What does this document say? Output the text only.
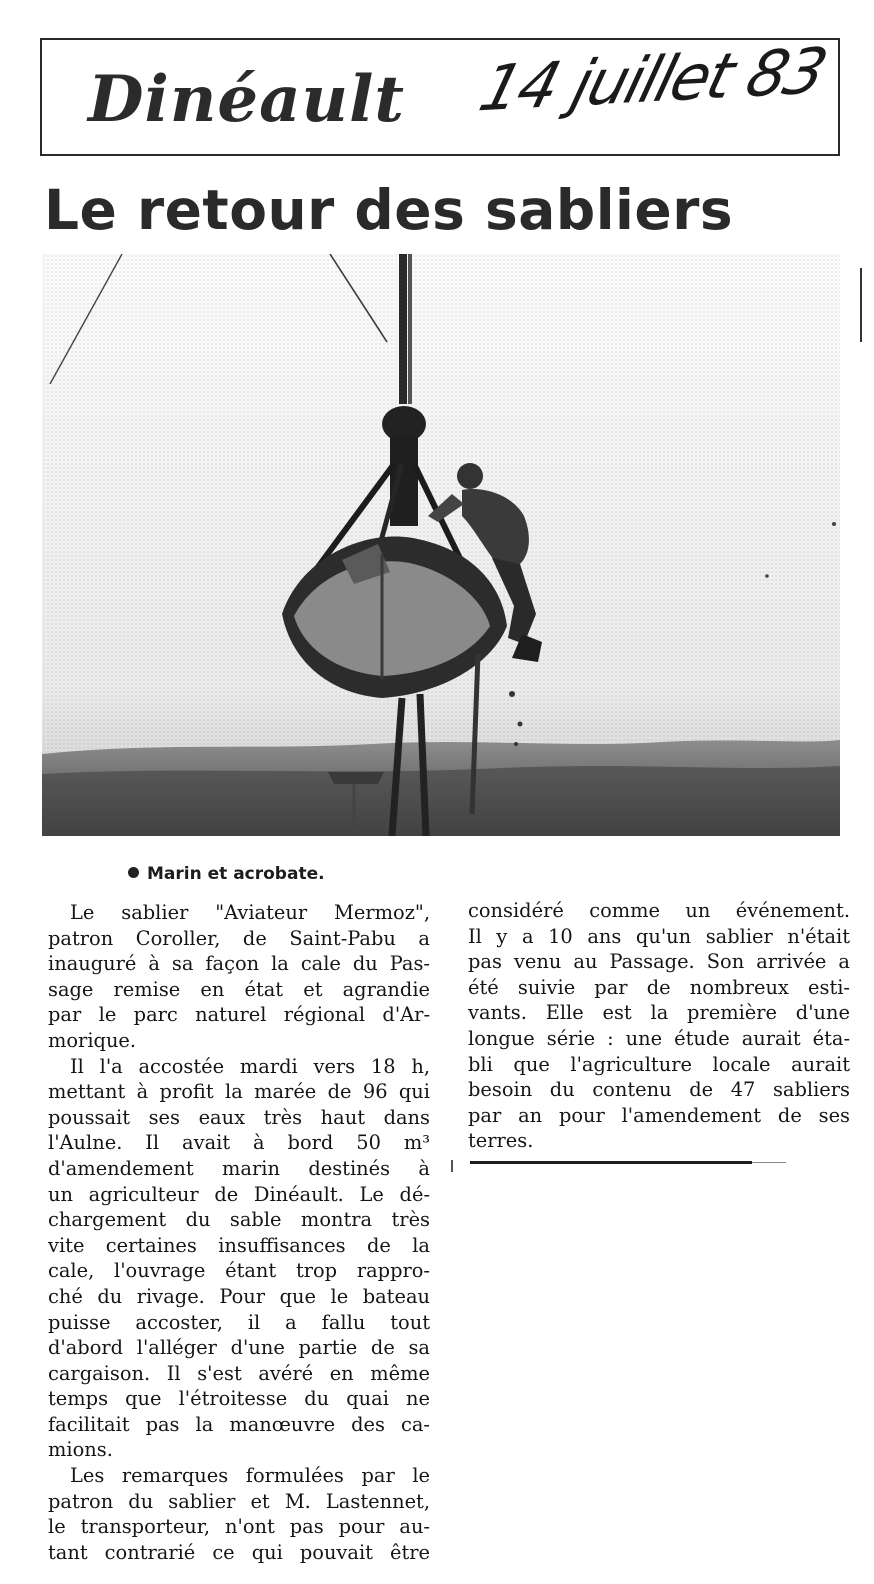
Dinéault 14 juillet 83
Le retour des sabliers
Marin et acrobate.
Le sablier "Aviateur Mermoz",
patron Coroller, de Saint-Pabu a
inauguré à sa façon la cale du Pas-
sage remise en état et agrandie
par le parc naturel régional d'Ar-
morique.
Il l'a accostée mardi vers 18 h,
mettant à profit la marée de 96 qui
poussait ses eaux très haut dans
l'Aulne. Il avait à bord 50 m³
d'amendement marin destinés à
un agriculteur de Dinéault. Le dé-
chargement du sable montra très
vite certaines insuffisances de la
cale, l'ouvrage étant trop rappro-
ché du rivage. Pour que le bateau
puisse accoster, il a fallu tout
d'abord l'alléger d'une partie de sa
cargaison. Il s'est avéré en même
temps que l'étroitesse du quai ne
facilitait pas la manœuvre des ca-
mions.
Les remarques formulées par le
patron du sablier et M. Lastennet,
le transporteur, n'ont pas pour au-
tant contrarié ce qui pouvait être
considéré comme un événement.
Il y a 10 ans qu'un sablier n'était
pas venu au Passage. Son arrivée a
été suivie par de nombreux esti-
vants. Elle est la première d'une
longue série : une étude aurait éta-
bli que l'agriculture locale aurait
besoin du contenu de 47 sabliers
par an pour l'amendement de ses
terres.
